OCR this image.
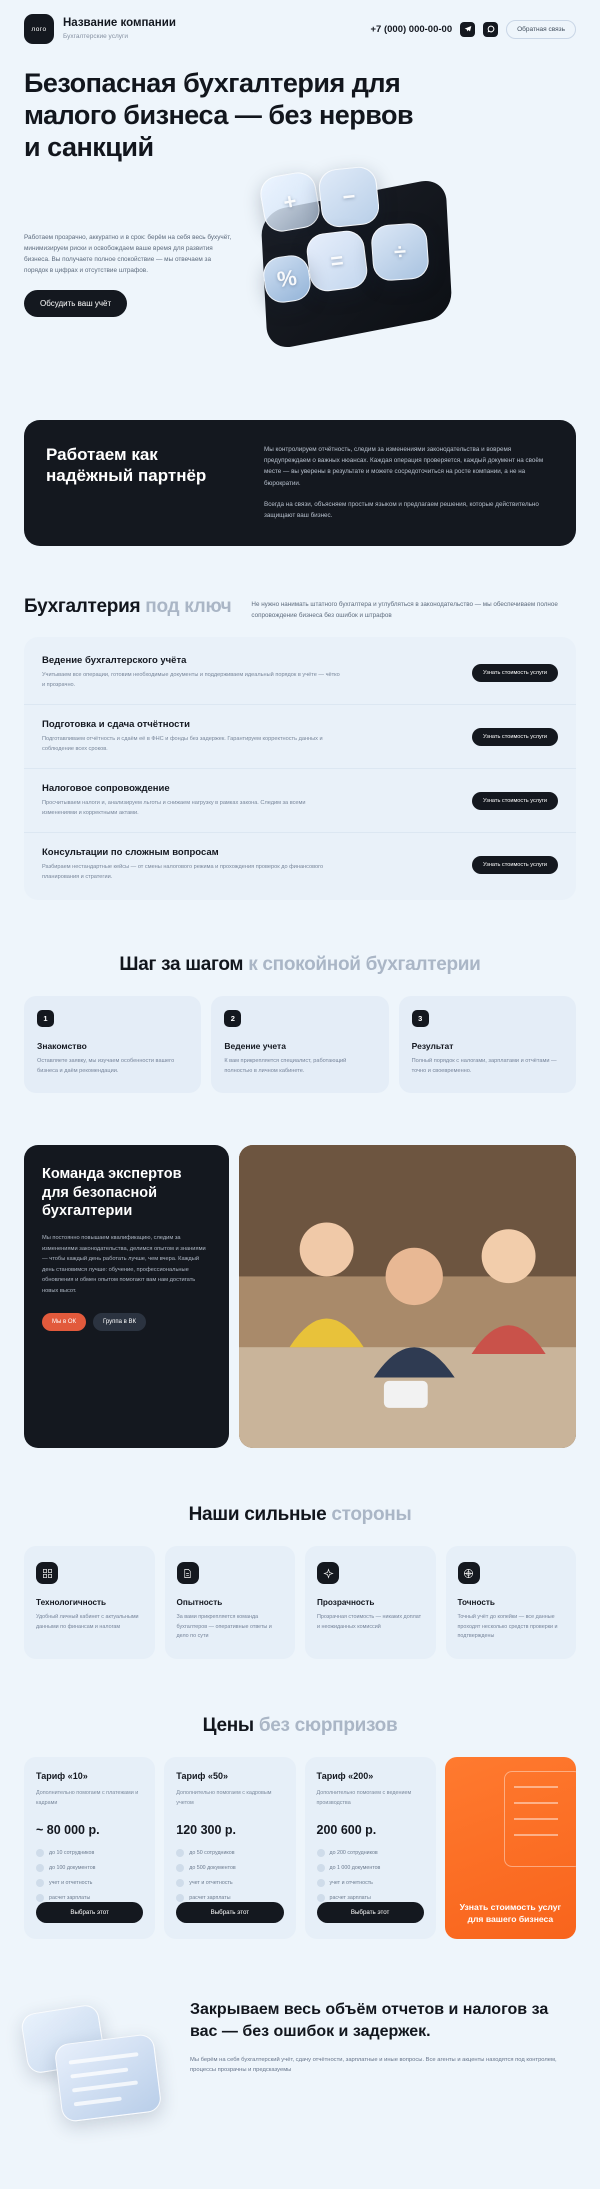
лого
Название компании
Бухгалтерские услуги
+7 (000) 000-00-00	Обратная связь
Безопасная бухгалтерия для малого бизнеса — без нервов и санкций

Работаем прозрачно, аккуратно и в срок: берём на себя весь бухучёт, минимизируем риски и освобождаем ваше время для развития бизнеса. Вы получаете полное спокойствие — мы отвечаем за порядок в цифрах и отсутствие штрафов.

Обсудить ваш учёт
+ −
= ÷
%
Работаем как надёжный партнёр

Мы контролируем отчётность, следим за изменениями законодательства и вовремя предупреждаем о важных нюансах. Каждая операция проверяется, каждый документ на своём месте — вы уверены в результате и можете сосредоточиться на росте компании, а не на бюрократии.

Всегда на связи, объясняем простым языком и предлагаем решения, которые действительно защищают ваш бизнес.

Бухгалтерия под ключ	Не нужно нанимать штатного бухгалтера и углубляться в законодательство — мы обеспечиваем полное сопровождение бизнеса без ошибок и штрафов
Ведение бухгалтерского учёта
Учитываем все операции, готовим необходимые документы и поддерживаем идеальный порядок в учёте — чётко и прозрачно.
Узнать стоимость услуги
Подготовка и сдача отчётности
Подготавливаем отчётность и сдаём её в ФНС и фонды без задержек. Гарантируем корректность данных и соблюдение всех сроков.
Узнать стоимость услуги
Налоговое сопровождение
Просчитываем налоги и, анализируем льготы и снижаем нагрузку в рамках закона. Следим за всеми изменениями и корректными актами.
Узнать стоимость услуги
Консультации по сложным вопросам
Разбираем нестандартные кейсы — от смены налогового режима и прохождения проверок до финансового планирования и стратегии.
Узнать стоимость услуги
Шаг за шагом к спокойной бухгалтерии
1
Знакомство
Оставляете заявку, мы изучаем особенности вашего бизнеса и даём рекомендации.
2
Ведение учета
К вам прикрепляется специалист, работающий полностью в личном кабинете.
3
Результат
Полный порядок с налогами, зарплатами и отчётами — точно и своевременно.
Команда экспертов для безопасной бухгалтерии

Мы постоянно повышаем квалификацию, следим за изменениями законодательства, делимся опытом и знаниями — чтобы каждый день работать лучше, чем вчера. Каждый день становимся лучше: обучение, профессиональные обновления и обмен опытом помогают вам нам достигать новых высот.

Мы в ОК	Группа в ВК
Наши сильные стороны
Технологичность
Удобный личный кабинет с актуальными данными по финансам и налогам
Опытность
За вами прикрепляется команда бухгалтеров — оперативные ответы и дело по сути
Прозрачность
Прозрачная стоимость — никаких доплат и неожиданных комиссий
Точность
Точный учёт до копейки — все данные проходят несколько средств проверки и подтверждены
Цены без сюрпризов
Тариф «10»
Дополнительно помогаем с платежами и кадрами
~ 80 000 р.
до 10 сотрудников
до 100 документов
учет и отчетность
расчет зарплаты
Выбрать этот
Тариф «50»
Дополнительно помогаем с кадровым учетом
120 300 р.
до 50 сотрудников
до 500 документов
учет и отчетность
расчет зарплаты
Выбрать этот
Тариф «200»
Дополнительно помогаем с ведением производства
200 600 р.
до 200 сотрудников
до 1 000 документов
учет и отчетность
расчет зарплаты
Выбрать этот
Узнать стоимость услуг для вашего бизнеса
Закрываем весь объём отчетов и налогов за вас — без ошибок и задержек.

Мы берём на себя бухгалтерский учёт, сдачу отчётности, зарплатные и иные вопросы. Все агенты и акценты находятся под контролем, процессы прозрачны и предсказуемы
